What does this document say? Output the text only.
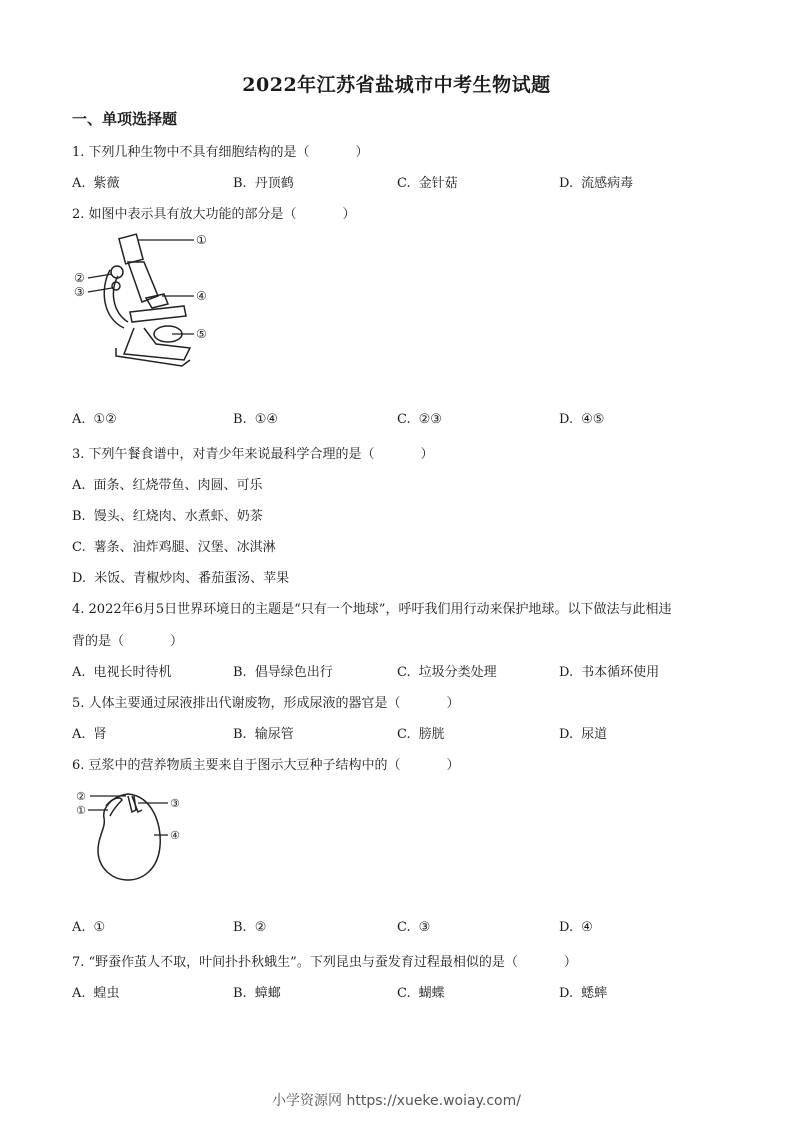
2022年江苏省盐城市中考生物试题
一、单项选择题
1. 下列几种生物中不具有细胞结构的是（	）
A. 紫薇	B. 丹顶鹤	C. 金针菇	D. 流感病毒
2. 如图中表示具有放大功能的部分是（	）
①
②
③	④
⑤
A. ①②	B. ①④	C. ②③	D. ④⑤
3. 下列午餐食谱中，对青少年来说最科学合理的是（	）
A. 面条、红烧带鱼、肉圆、可乐
B. 馒头、红烧肉、水煮虾、奶茶
C. 薯条、油炸鸡腿、汉堡、冰淇淋
D. 米饭、青椒炒肉、番茄蛋汤、苹果
4. 2022年6月5日世界环境日的主题是“只有一个地球”，呼吁我们用行动来保护地球。以下做法与此相违
背的是（	）
A. 电视长时待机	B. 倡导绿色出行	C. 垃圾分类处理	D. 书本循环使用
5. 人体主要通过尿液排出代谢废物，形成尿液的器官是（	）
A. 肾	B. 输尿管	C. 膀胱	D. 尿道
6. 豆浆中的营养物质主要来自于图示大豆种子结构中的（	）
②
①
③
④
A. ①	B. ②	C. ③	D. ④
7. “野蚕作茧人不取，叶间扑扑秋蛾生”。下列昆虫与蚕发育过程最相似的是（	）
A. 蝗虫	B. 蟑螂	C. 蝴蝶	D. 蟋蟀
小学资源网 https://xueke.woiay.com/
